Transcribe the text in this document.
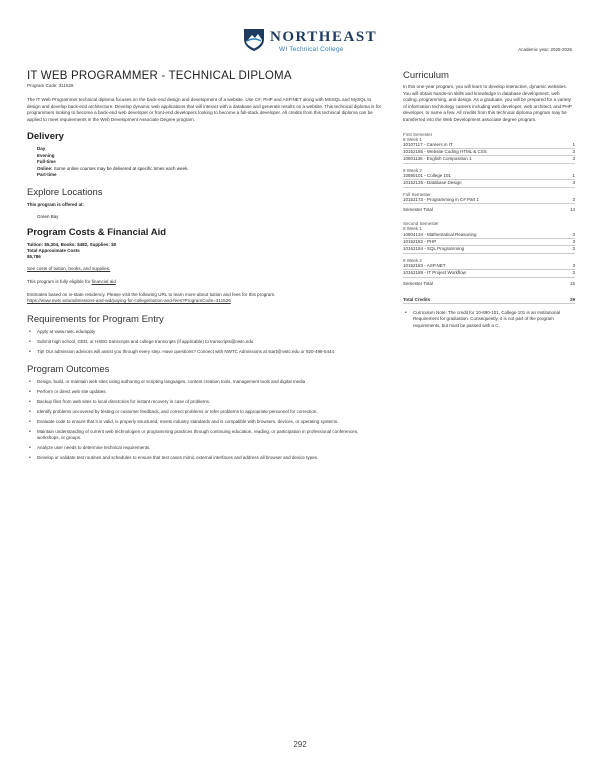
NORTHEAST
WI Technical College	Academic year: 2025-2026
IT WEB PROGRAMMER - TECHNICAL DIPLOMA
Program Code: 311526

The IT Web Programmer technical diploma focuses on the back-end design and development of a website. Use C#, PHP and ASP.NET along with MSSQL and MySQL to design and develop back-end architecture. Develop dynamic web applications that will interact with a database and generate results on a website. This technical diploma is for programmers looking to become a back-end web developer or front-end developers looking to become a full-stack developer. All credits from this technical diploma can be applied to meet requirements in the Web Development Associate Degree program.

Delivery
Day
Evening
Full-time
Online: Some online courses may be delivered at specific times each week.
Part-time
Explore Locations
This program is offered at:
Green Bay
Program Costs & Financial Aid
Tuition: $5,304, Books: $482, Supplies: $0
Total Approximate Costs
$5,786

See costs of tuition, books, and supplies.

This program is fully eligible for financial aid.

Estimates based on in-state residency. Please visit the following URL to learn more about tuition and fees for this program.

https://www.nwtc.edu/admissions-and-aid/paying-for-college/tuition-and-fees?ProgramCode=311526

Requirements for Program Entry
• Apply at www.nwtc.edu/apply
• Submit high school, GED, or HSED transcripts and college transcripts (if applicable) to transcripts@nwtc.edu
• Tip! Our admission advisors will assist you through every step. Have questions? Connect with NWTC Admissions at start@nwtc.edu or 920-498-5444.
Program Outcomes
• Design, build, or maintain web sites using authoring or scripting languages, content creation tools, management tools and digital media
• Perform or direct web site updates.
• Backup files from web sites to local directories for instant recovery in case of problems.
• Identify problems uncovered by testing or customer feedback, and correct problems or refer problems to appropriate personnel for correction.
• Evaluate code to ensure that it is valid, is properly structured, meets industry standards and is compatible with browsers, devices, or operating systems.
• Maintain understanding of current web technologies or programming practices through continuing education, reading, or participation in professional conferences, workshops, or groups.
• Analyze user needs to determine technical requirements.
• Develop or validate test routines and schedules to ensure that test cases mimic external interfaces and address all browser and device types.
Curriculum

In this one-year program, you will learn to develop interactive, dynamic websites. You will obtain hands-on skills and knowledge in database development, web coding, programming, and design. As a graduate, you will be prepared for a variety of information technology careers including web developer, web architect, and PHP developer, to name a few. All credits from this technical diploma program may be transferred into the Web Development associate degree program.

First Semester
8 Week 1
10107117 - Careers in IT	1
10152185 - Website Coding HTML & CSS	3
10801136 - English Composition 1	3
8 Week 2
10890101 - College 101	1
10152125 - Database Design	3
Full Semester
10152173 - Programming in C# Part 1	3
Semester Total	14
Second Semester
8 Week 1
10804134 - Mathematical Reasoning	3
10152182 - PHP	3
10152184 - SQL Programming	3
8 Week 2
10152183 - ASP.NET	3
10152189 - IT Project Workflow	3
Semester Total	15
Total Credits	29
• Curriculum Note: The credit for 10-890-101, College 101 is an Institutional Requirement for graduation. Consequently, it is not part of the program requirements, but must be passed with a C.
292
